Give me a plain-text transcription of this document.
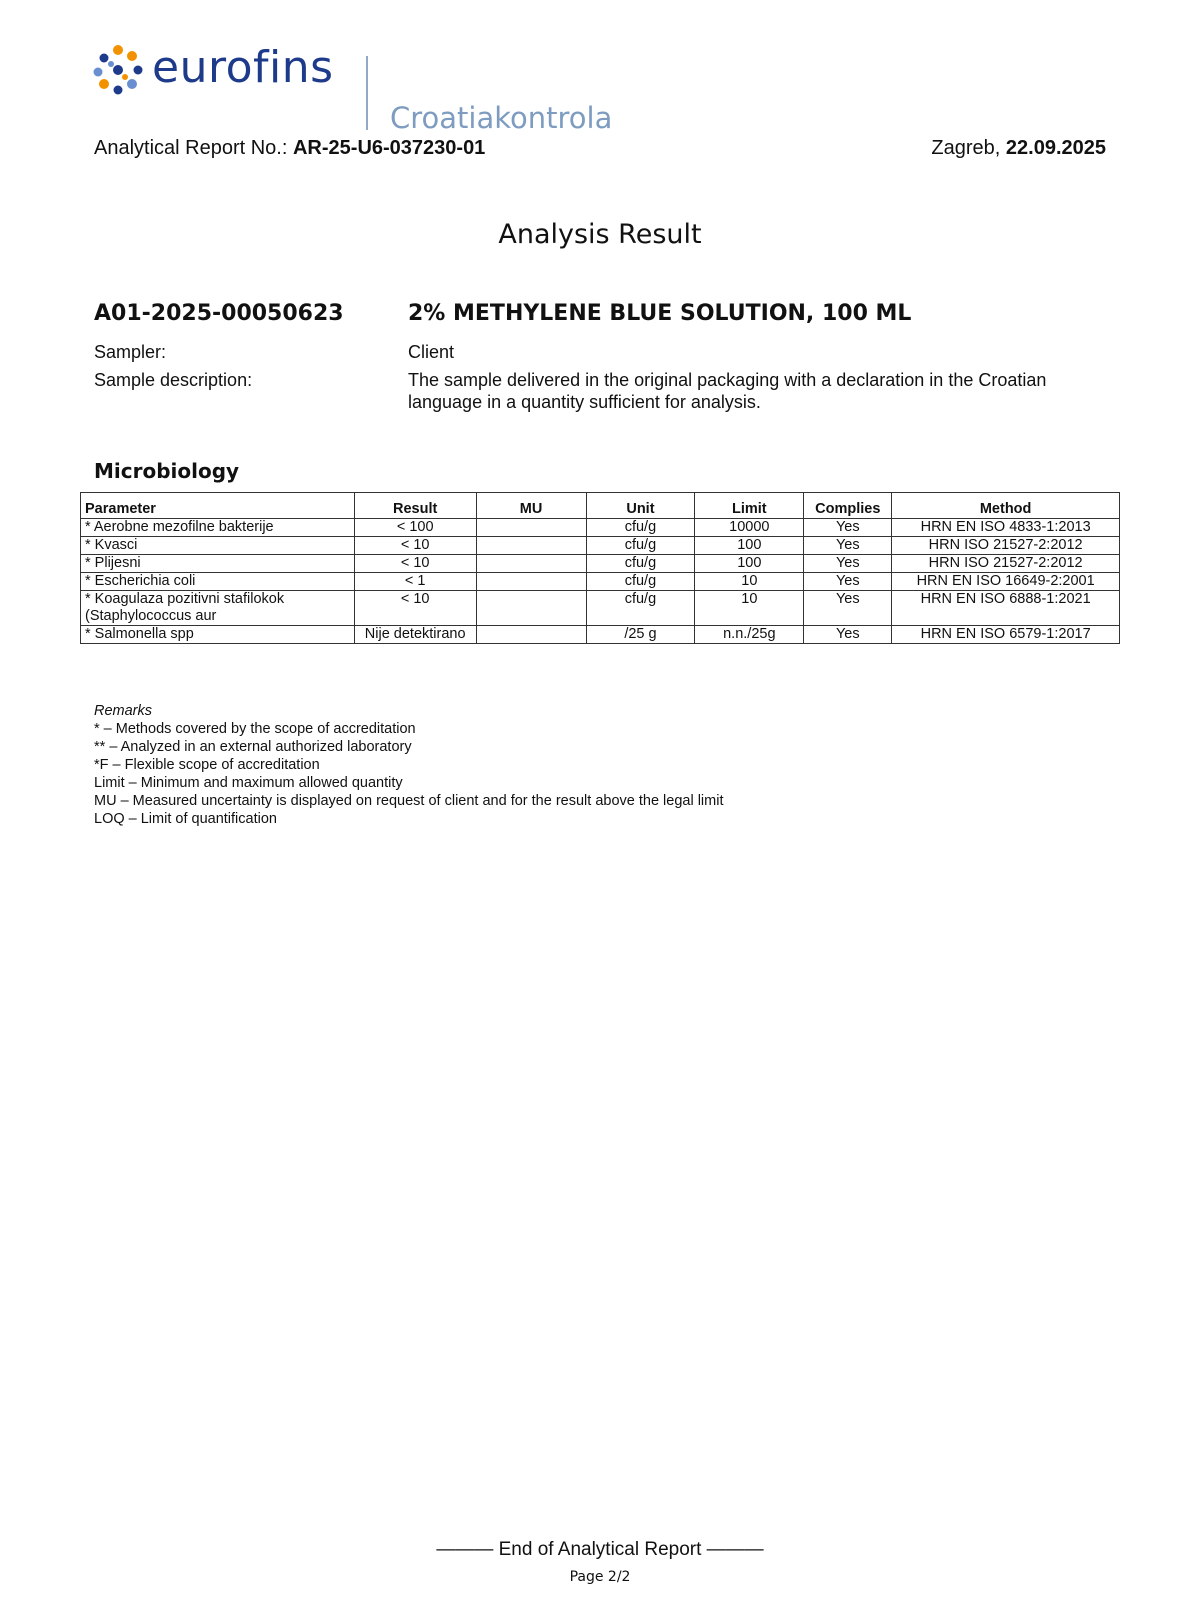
eurofins
Croatiakontrola
Analytical Report No.: AR-25-U6-037230-01	Zagreb, 22.09.2025
Analysis Result
A01-2025-00050623	2% METHYLENE BLUE SOLUTION, 100 ML
Sampler:	Client
Sample description:	The sample delivered in the original packaging with a declaration in the Croatian language in a quantity sufficient for analysis.
Microbiology
Parameter	Result	MU	Unit	Limit	Complies	Method
* Aerobne mezofilne bakterije	< 100		cfu/g	10000	Yes	HRN EN ISO 4833-1:2013
* Kvasci	< 10		cfu/g	100	Yes	HRN ISO 21527-2:2012
* Plijesni	< 10		cfu/g	100	Yes	HRN ISO 21527-2:2012
* Escherichia coli	< 1		cfu/g	10	Yes	HRN EN ISO 16649-2:2001
* Koagulaza pozitivni stafilokok (Staphylococcus aur	< 10		cfu/g	10	Yes	HRN EN ISO 6888-1:2021
* Salmonella spp	Nije detektirano		/25 g	n.n./25g	Yes	HRN EN ISO 6579-1:2017
Remarks
* – Methods covered by the scope of accreditation
** – Analyzed in an external authorized laboratory
*F – Flexible scope of accreditation
Limit – Minimum and maximum allowed quantity
MU – Measured uncertainty is displayed on request of client and for the result above the legal limit
LOQ – Limit of quantification
——— End of Analytical Report ———
Page 2/2
